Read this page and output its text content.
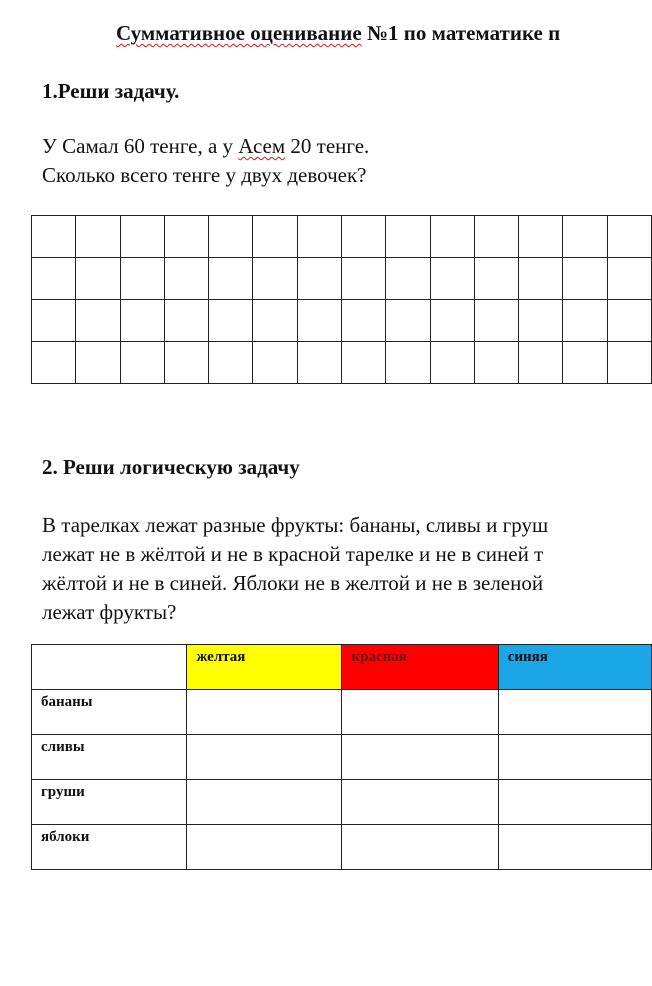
Суммативное оценивание №1 по математике п
1.Реши задачу.
У Самал 60 тенге, а у Асем 20 тенге.
Сколько всего тенге у двух девочек?

2. Реши логическую задачу
В тарелках лежат разные фрукты: бананы, сливы и груш
лежат не в жёлтой и не в красной тарелке и не в синей т
жёлтой и не в синей. Яблоки не в желтой и не в зеленой
лежат фрукты?
	желтая	красная	синяя
бананы			
сливы			
груши			
яблоки			
